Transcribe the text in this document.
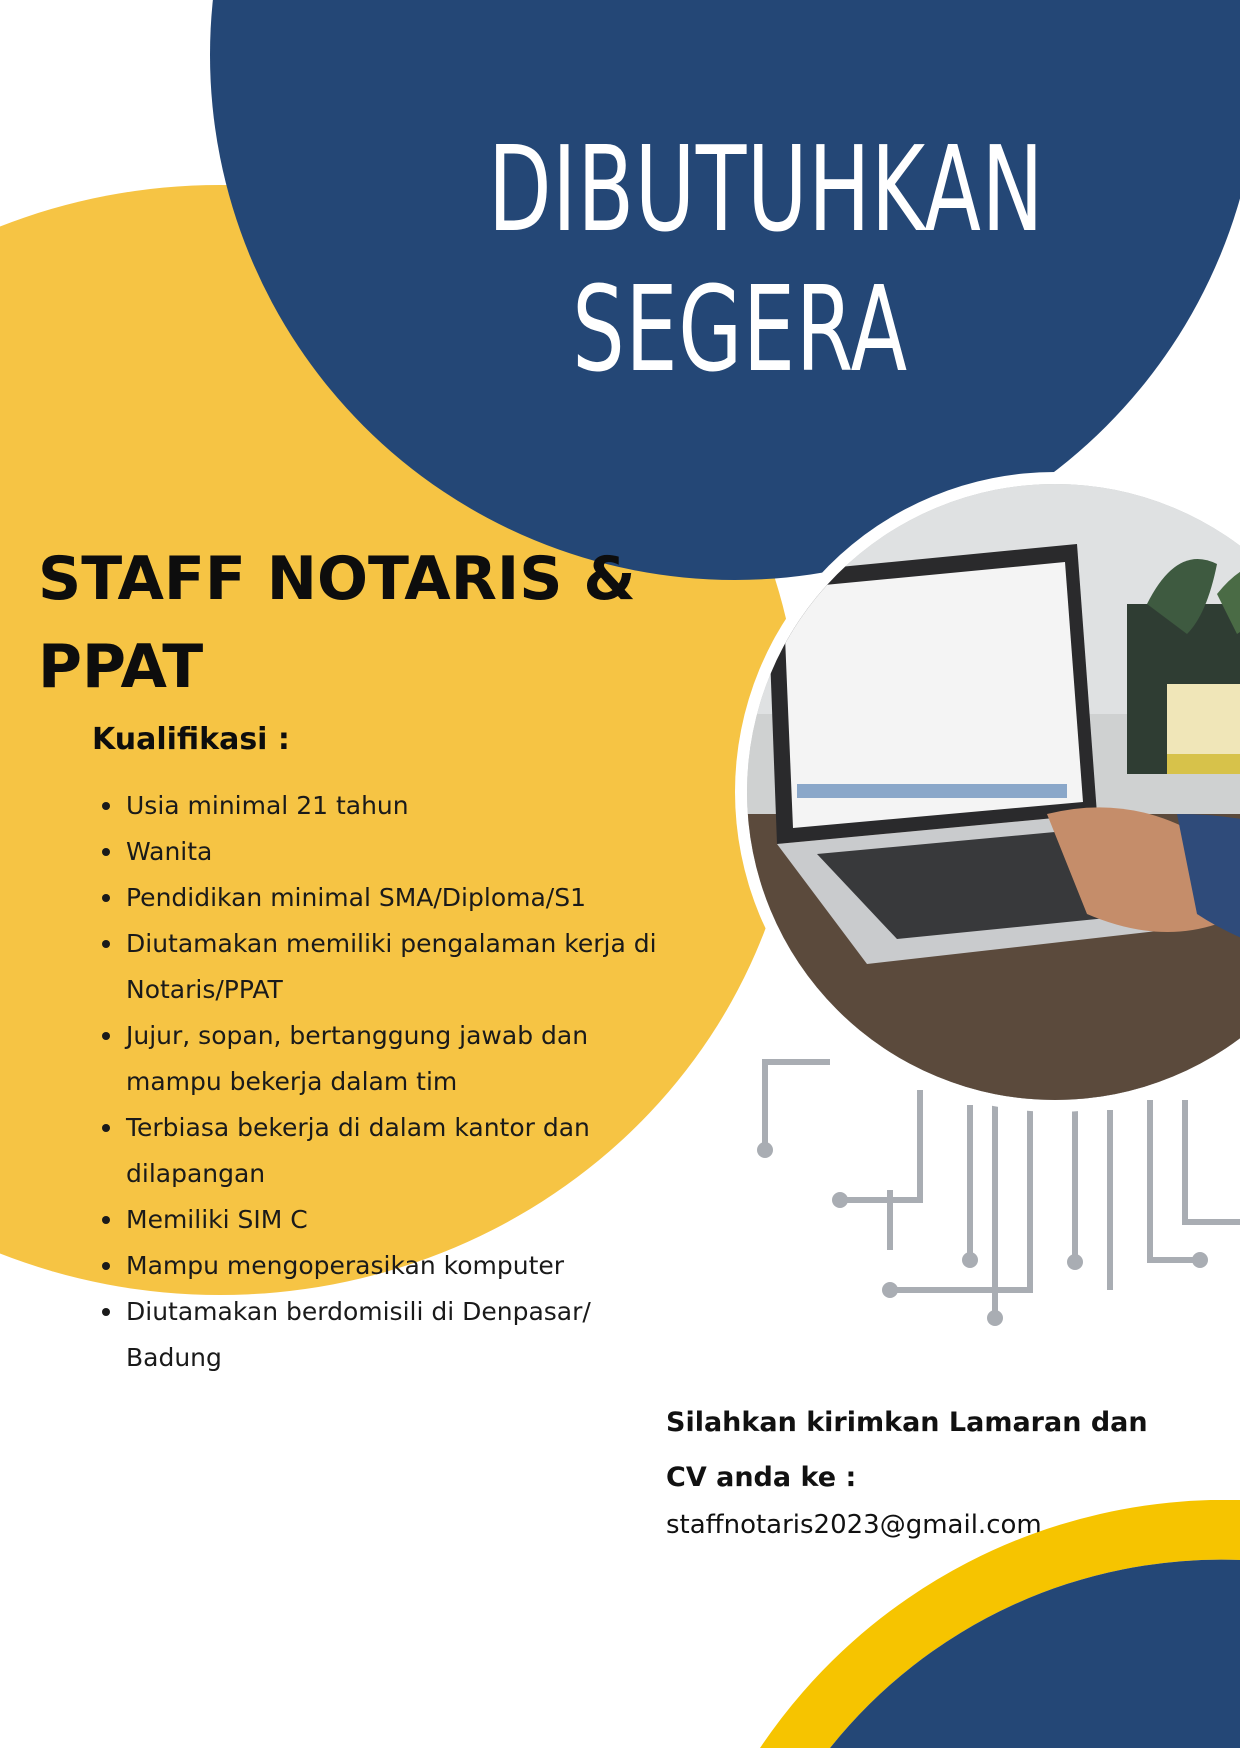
DIBUTUHKAN
SEGERA
STAFF NOTARIS & PPAT
Kualifikasi :
Usia minimal 21 tahun
Wanita
Pendidikan minimal SMA/Diploma/S1
Diutamakan memiliki pengalaman kerja di Notaris/PPAT
Jujur, sopan, bertanggung jawab dan mampu bekerja dalam tim
Terbiasa bekerja di dalam kantor dan dilapangan
Memiliki SIM C
Mampu mengoperasikan komputer
Diutamakan berdomisili di Denpasar/ Badung

Silahkan kirimkan Lamaran dan CV anda ke :

staffnotaris2023@gmail.com
